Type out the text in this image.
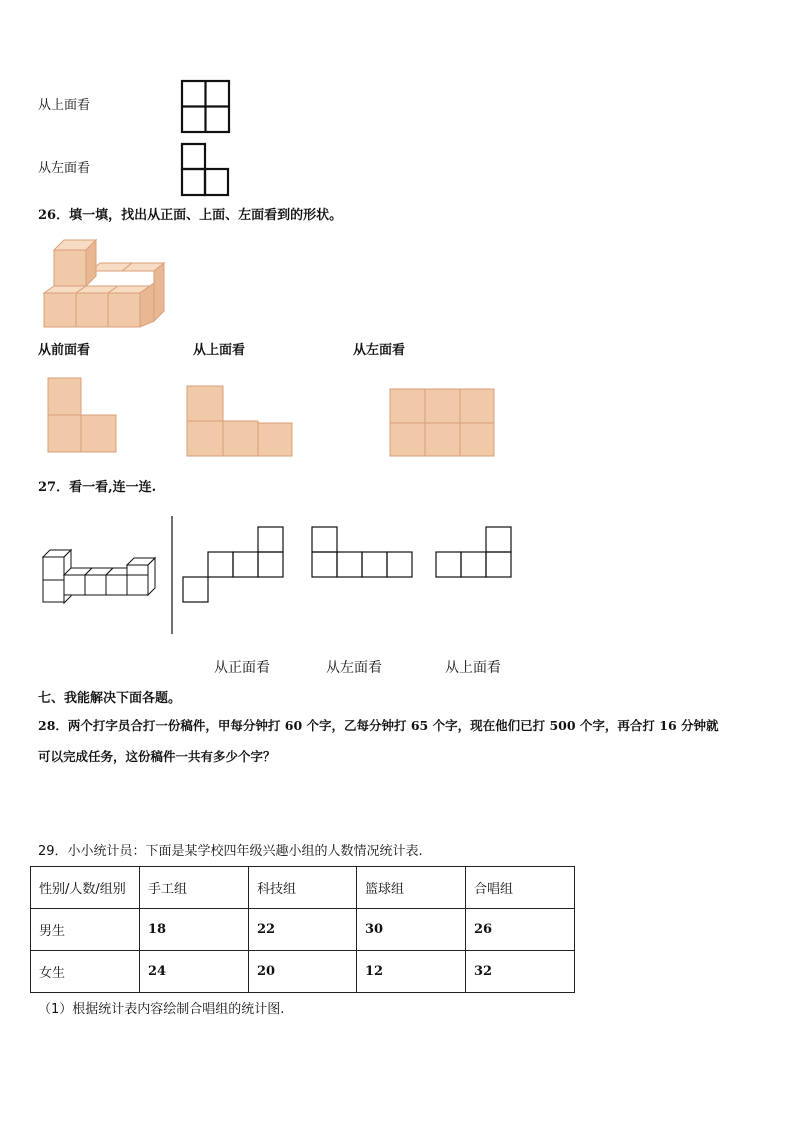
从上面看
从左面看
26．填一填，找出从正面、上面、左面看到的形状。
从前面看	从上面看	从左面看
27．看一看,连一连.
从正面看	从左面看	从上面看
七、我能解决下面各题。
28．两个打字员合打一份稿件，甲每分钟打 60 个字，乙每分钟打 65 个字，现在他们已打 500 个字，再合打 16 分钟就
可以完成任务，这份稿件一共有多少个字？
29．小小统计员：下面是某学校四年级兴趣小组的人数情况统计表.
性别/人数/组别	手工组	科技组	篮球组	合唱组
男生	18	22	30	26
女生	24	20	12	32
（1）根据统计表内容绘制合唱组的统计图.
